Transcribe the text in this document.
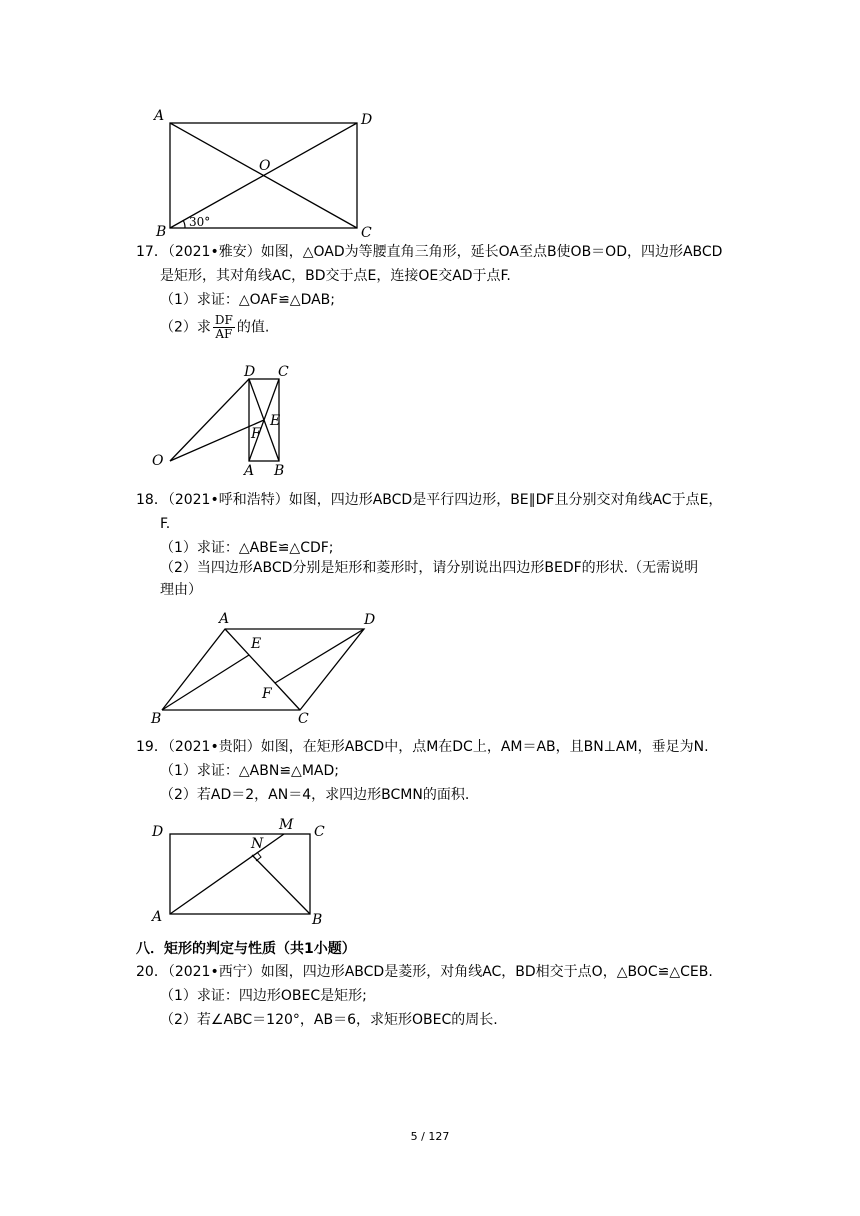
A	D
B	C
O
30°
17．（2021•雅安）如图，△OAD为等腰直角三角形，延长OA至点B使OB＝OD，四边形ABCD
是矩形，其对角线AC，BD交于点E，连接OE交AD于点F.
（1）求证：△OAF≌△DAB;
（2）求 $\frac{DF}{AF}$ 的值.
D C
E
F
O
A B
18．（2021•呼和浩特）如图，四边形ABCD是平行四边形，BE∥DF且分别交对角线AC于点E，
F.
（1）求证：△ABE≌△CDF;
（2）当四边形ABCD分别是矩形和菱形时，请分别说出四边形BEDF的形状.（无需说明
理由）
A	D
E
F
B	C
19．（2021•贵阳）如图，在矩形ABCD中，点M在DC上，AM＝AB，且BN⊥AM，垂足为N.
（1）求证：△ABN≌△MAD;
（2）若AD＝2，AN＝4，求四边形BCMN的面积.
D	M C
N
A	B
八．矩形的判定与性质（共1小题）
20．（2021•西宁）如图，四边形ABCD是菱形，对角线AC，BD相交于点O，△BOC≌△CEB.
（1）求证：四边形OBEC是矩形;
（2）若∠ABC＝120°，AB＝6，求矩形OBEC的周长.
5 / 127
